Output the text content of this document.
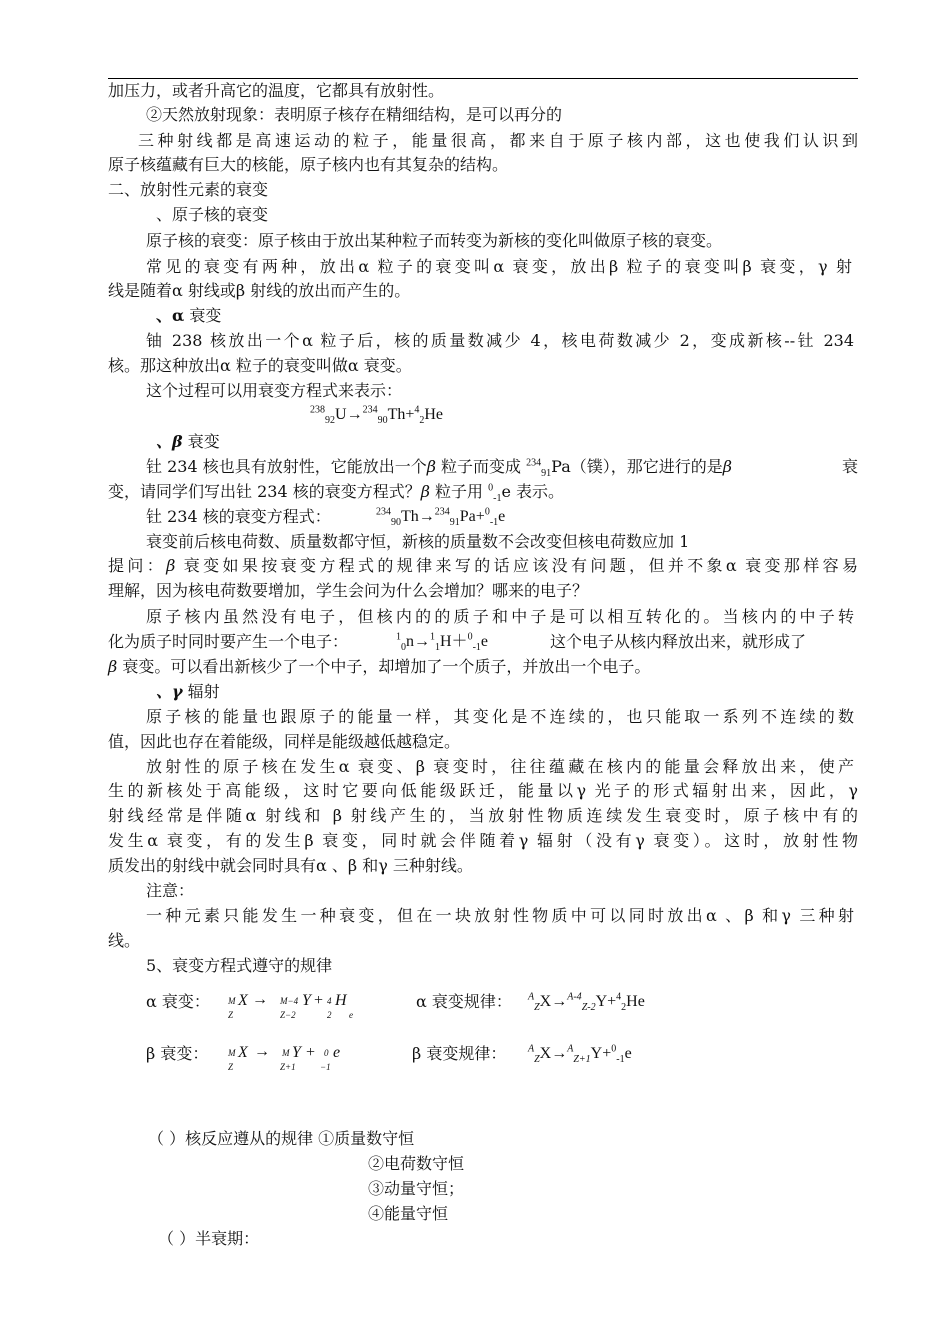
加压力，或者升高它的温度，它都具有放射性。
②天然放射现象：表明原子核存在精细结构，是可以再分的
三种射线都是高速运动的粒子，能量很高，都来自于原子核内部，这也使我们认识到
原子核蕴藏有巨大的核能，原子核内也有其复杂的结构。
二、放射性元素的衰变
、原子核的衰变
原子核的衰变：原子核由于放出某种粒子而转变为新核的变化叫做原子核的衰变。
常见的衰变有两种，放出α 粒子的衰变叫α 衰变，放出β 粒子的衰变叫β 衰变，γ 射
线是随着α 射线或β 射线的放出而产生的。
、α 衰变
铀 238 核放出一个α 粒子后，核的质量数减少 4，核电荷数减少 2，变成新核--钍 234
核。那这种放出α 粒子的衰变叫做α 衰变。
这个过程可以用衰变方程式来表示：
$^{238}_{92}$U→$^{234}_{90}$Th+$^4_2$He
、β 衰变
钍 234 核也具有放射性，它能放出一个β 粒子而变成 $^{234}_{91}$Pa（镤），那它进行的是β	衰
变，请同学们写出钍 234 核的衰变方程式？β 粒子用 $^0_{-1}$e 表示。
钍 234 核的衰变方程式：	$^{234}_{90}$Th→$^{234}_{91}$Pa+$^0_{-1}$e
衰变前后核电荷数、质量数都守恒，新核的质量数不会改变但核电荷数应加 1
提问：β 衰变如果按衰变方程式的规律来写的话应该没有问题，但并不象α 衰变那样容易
理解，因为核电荷数要增加，学生会问为什么会增加？哪来的电子？
原子核内虽然没有电子，但核内的的质子和中子是可以相互转化的。当核内的中子转
化为质子时同时要产生一个电子：	$^1_0$n→$^1_1$H＋$^0_{-1}$e	这个电子从核内释放出来，就形成了
β 衰变。可以看出新核少了一个中子，却增加了一个质子，并放出一个电子。
、γ 辐射
原子核的能量也跟原子的能量一样，其变化是不连续的，也只能取一系列不连续的数
值，因此也存在着能级，同样是能级越低越稳定。
放射性的原子核在发生α 衰变、β 衰变时，往往蕴藏在核内的能量会释放出来，使产
生的新核处于高能级，这时它要向低能级跃迁，能量以γ 光子的形式辐射出来，因此，γ
射线经常是伴随α 射线和 β 射线产生的，当放射性物质连续发生衰变时，原子核中有的
发生α 衰变，有的发生β 衰变，同时就会伴随着γ 辐射（没有γ 衰变）。这时，放射性物
质发出的射线中就会同时具有α 、β 和γ 三种射线。
注意：
一种元素只能发生一种衰变，但在一块放射性物质中可以同时放出α 、β 和γ 三种射
线。
5、衰变方程式遵守的规律
α 衰变：	M
Z
X → M−4
Z−2
Y + 4
2
H
e
α 衰变规律：	$^A_Z$X→$^{A-4}_{Z-2}$Y+$^4_2$He
β 衰变：	M
Z
X → M
Z+1
Y + 0
−1
e	β 衰变规律：	$^A_Z$X→$^A_{Z+1}$Y+$^0_{-1}$e
（ ）核反应遵从的规律 ①质量数守恒
②电荷数守恒
③动量守恒；
④能量守恒
（ ）半衰期：
